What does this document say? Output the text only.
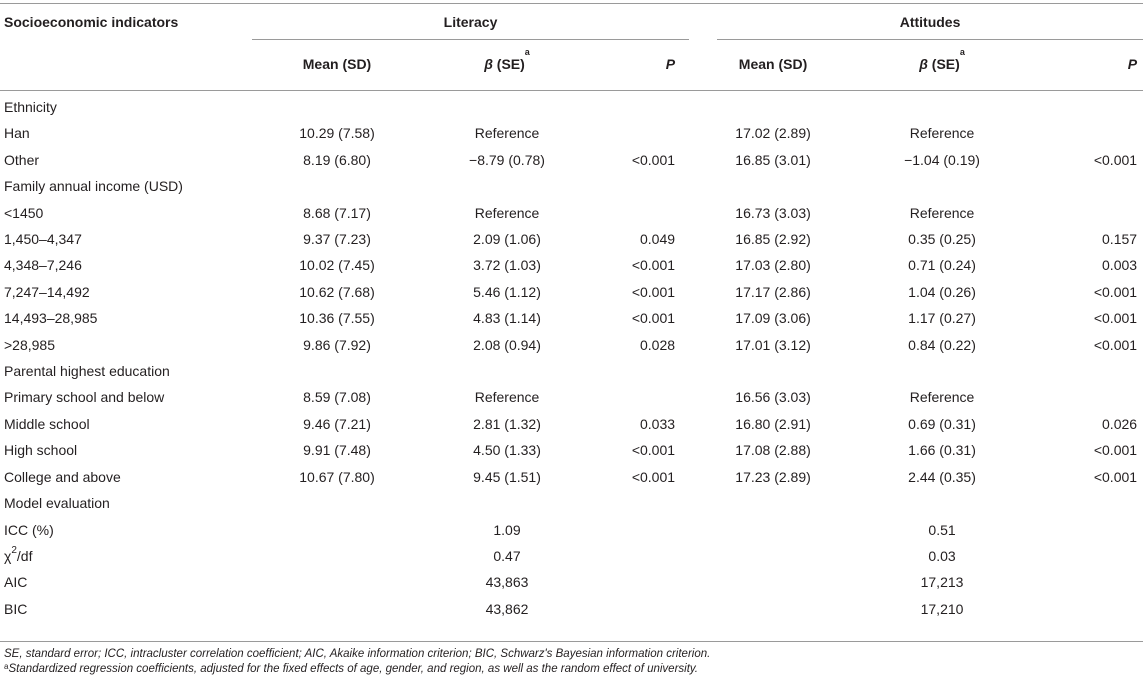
Socioeconomic indicators	Literacy			Attitudes		
	Mean (SD)	β (SE)$^a$	P	Mean (SD)	β (SE)$^a$	P
Ethnicity						
Han	10.29 (7.58)	Reference		17.02 (2.89)	Reference	
Other	8.19 (6.80)	−8.79 (0.78)	<0.001	16.85 (3.01)	−1.04 (0.19)	<0.001
Family annual income (USD)						
<1450	8.68 (7.17)	Reference		16.73 (3.03)	Reference	
1,450–4,347	9.37 (7.23)	2.09 (1.06)	0.049	16.85 (2.92)	0.35 (0.25)	0.157
4,348–7,246	10.02 (7.45)	3.72 (1.03)	<0.001	17.03 (2.80)	0.71 (0.24)	0.003
7,247–14,492	10.62 (7.68)	5.46 (1.12)	<0.001	17.17 (2.86)	1.04 (0.26)	<0.001
14,493–28,985	10.36 (7.55)	4.83 (1.14)	<0.001	17.09 (3.06)	1.17 (0.27)	<0.001
>28,985	9.86 (7.92)	2.08 (0.94)	0.028	17.01 (3.12)	0.84 (0.22)	<0.001
Parental highest education						
Primary school and below	8.59 (7.08)	Reference		16.56 (3.03)	Reference	
Middle school	9.46 (7.21)	2.81 (1.32)	0.033	16.80 (2.91)	0.69 (0.31)	0.026
High school	9.91 (7.48)	4.50 (1.33)	<0.001	17.08 (2.88)	1.66 (0.31)	<0.001
College and above	10.67 (7.80)	9.45 (1.51)	<0.001	17.23 (2.89)	2.44 (0.35)	<0.001
Model evaluation						
ICC (%)		1.09			0.51	
$\chi^2/df$		0.47			0.03	
AIC		43,863			17,213	
BIC		43,862			17,210	
SE, standard error; ICC, intracluster correlation coefficient; AIC, Akaike information criterion; BIC, Schwarz's Bayesian information criterion.
$^a$Standardized regression coefficients, adjusted for the fixed effects of age, gender, and region, as well as the random effect of university.
